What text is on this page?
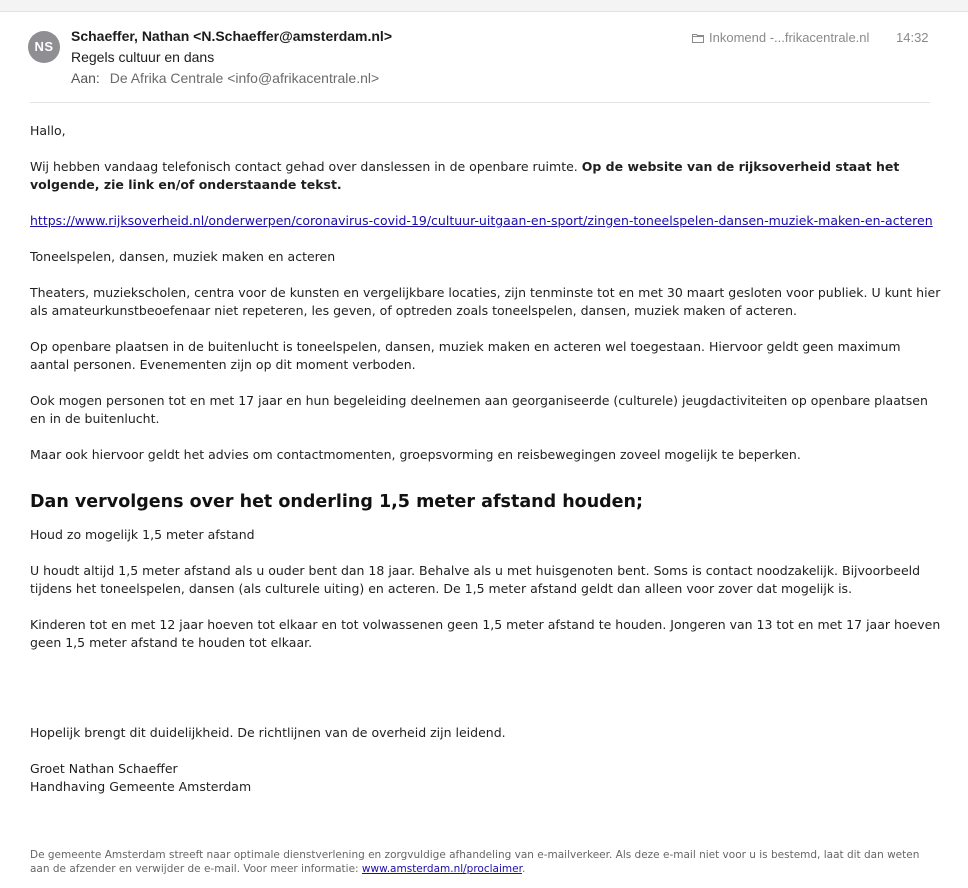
NS
Schaeffer, Nathan <N.Schaeffer@amsterdam.nl>
Regels cultuur en dans
Aan: De Afrika Centrale <info@afrikacentrale.nl>
Inkomend -...frikacentrale.nl 14:32

Hallo,

Wij hebben vandaag telefonisch contact gehad over danslessen in de openbare ruimte. Op de website van de rijksoverheid staat het volgende, zie link en/of onderstaande tekst.

https://www.rijksoverheid.nl/onderwerpen/coronavirus-covid-19/cultuur-uitgaan-en-sport/zingen-toneelspelen-dansen-muziek-maken-en-acteren

Toneelspelen, dansen, muziek maken en acteren

Theaters, muziekscholen, centra voor de kunsten en vergelijkbare locaties, zijn tenminste tot en met 30 maart gesloten voor publiek. U kunt hier als amateurkunstbeoefenaar niet repeteren, les geven, of optreden zoals toneelspelen, dansen, muziek maken of acteren.

Op openbare plaatsen in de buitenlucht is toneelspelen, dansen, muziek maken en acteren wel toegestaan. Hiervoor geldt geen maximum aantal personen. Evenementen zijn op dit moment verboden.

Ook mogen personen tot en met 17 jaar en hun begeleiding deelnemen aan georganiseerde (culturele) jeugdactiviteiten op openbare plaatsen en in de buitenlucht.

Maar ook hiervoor geldt het advies om contactmomenten, groepsvorming en reisbewegingen zoveel mogelijk te beperken.

Dan vervolgens over het onderling 1,5 meter afstand houden;

Houd zo mogelijk 1,5 meter afstand

U houdt altijd 1,5 meter afstand als u ouder bent dan 18 jaar. Behalve als u met huisgenoten bent. Soms is contact noodzakelijk. Bijvoorbeeld tijdens het toneelspelen, dansen (als culturele uiting) en acteren. De 1,5 meter afstand geldt dan alleen voor zover dat mogelijk is.

Kinderen tot en met 12 jaar hoeven tot elkaar en tot volwassenen geen 1,5 meter afstand te houden. Jongeren van 13 tot en met 17 jaar hoeven geen 1,5 meter afstand te houden tot elkaar.

Hopelijk brengt dit duidelijkheid. De richtlijnen van de overheid zijn leidend.

Groet Nathan Schaeffer
Handhaving Gemeente Amsterdam

De gemeente Amsterdam streeft naar optimale dienstverlening en zorgvuldige afhandeling van e-mailverkeer. Als deze e-mail niet voor u is bestemd, laat dit dan weten aan de afzender en verwijder de e-mail. Voor meer informatie: www.amsterdam.nl/proclaimer.
